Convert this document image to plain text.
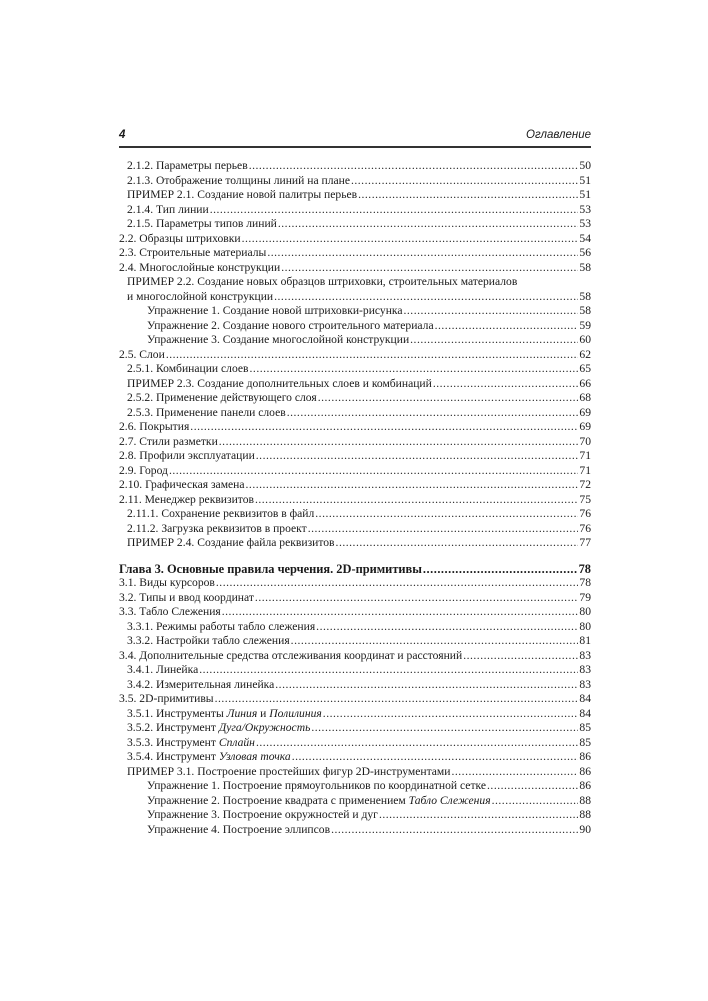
4	Оглавление
2.1.2. Параметры перьев .....	50
2.1.3. Отображение толщины линий на плане .....	51
ПРИМЕР 2.1. Создание новой палитры перьев .....	51
2.1.4. Тип линии .....	53
2.1.5. Параметры типов линий .....	53
2.2. Образцы штриховки .....	54
2.3. Строительные материалы .....	56
2.4. Многослойные конструкции .....	58
ПРИМЕР 2.2. Создание новых образцов штриховки, строительных материалов
и многослойной конструкции .....	58
Упражнение 1. Создание новой штриховки-рисунка .....	58
Упражнение 2. Создание нового строительного материала .....	59
Упражнение 3. Создание многослойной конструкции .....	60
2.5. Слои .....	62
2.5.1. Комбинации слоев .....	65
ПРИМЕР 2.3. Создание дополнительных слоев и комбинаций .....	66
2.5.2. Применение действующего слоя .....	68
2.5.3. Применение панели слоев .....	69
2.6. Покрытия .....	69
2.7. Стили разметки .....	70
2.8. Профили эксплуатации .....	71
2.9. Город .....	71
2.10. Графическая замена .....	72
2.11. Менеджер реквизитов .....	75
2.11.1. Сохранение реквизитов в файл .....	76
2.11.2. Загрузка реквизитов в проект .....	76
ПРИМЕР 2.4. Создание файла реквизитов .....	77
Глава 3. Основные правила черчения. 2D-примитивы .....	78
3.1. Виды курсоров .....	78
3.2. Типы и ввод координат .....	79
3.3. Табло Слежения .....	80
3.3.1. Режимы работы табло слежения .....	80
3.3.2. Настройки табло слежения .....	81
3.4. Дополнительные средства отслеживания координат и расстояний .....	83
3.4.1. Линейка .....	83
3.4.2. Измерительная линейка .....	83
3.5. 2D-примитивы .....	84
3.5.1. Инструменты Линия и Полилиния .....	84
3.5.2. Инструмент Дуга/Окружность .....	85
3.5.3. Инструмент Сплайн .....	85
3.5.4. Инструмент Узловая точка .....	86
ПРИМЕР 3.1. Построение простейших фигур 2D-инструментами .....	86
Упражнение 1. Построение прямоугольников по координатной сетке .....	86
Упражнение 2. Построение квадрата с применением Табло Слежения .....	88
Упражнение 3. Построение окружностей и дуг .....	88
Упражнение 4. Построение эллипсов .....	90
